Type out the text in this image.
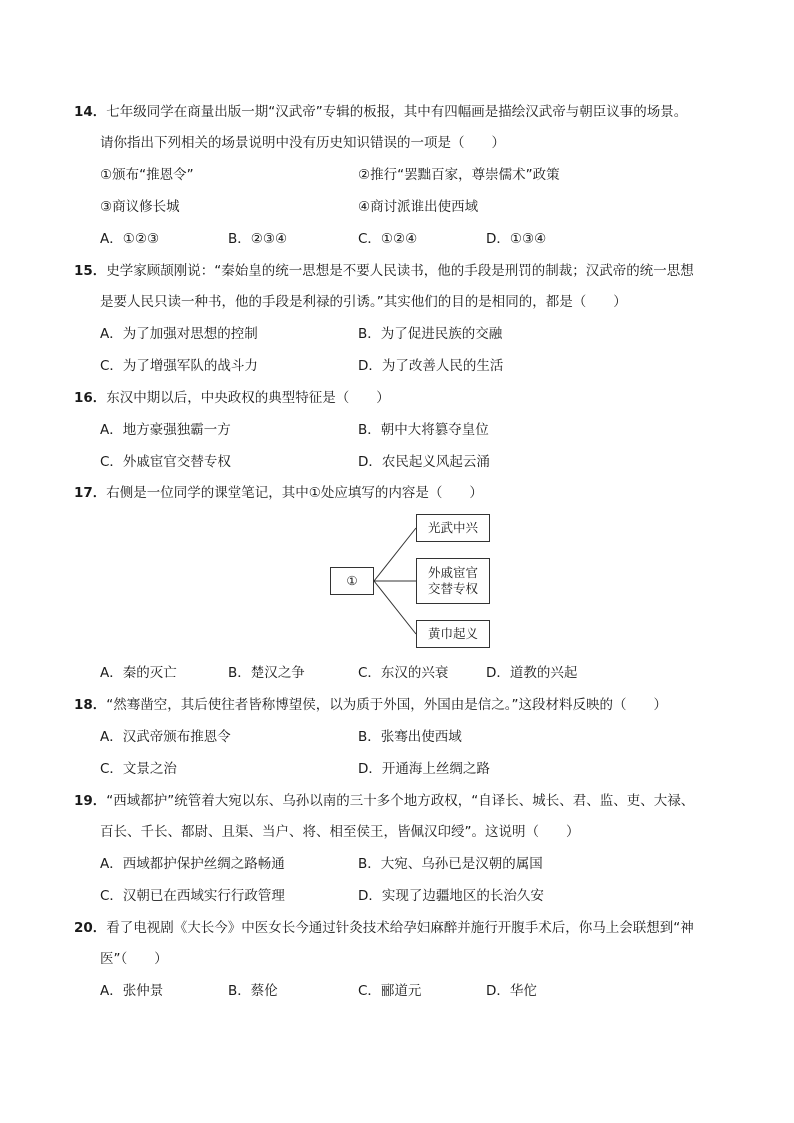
14．七年级同学在商量出版一期“汉武帝”专辑的板报，其中有四幅画是描绘汉武帝与朝臣议事的场景。
请你指出下列相关的场景说明中没有历史知识错误的一项是（　　）
①颁布“推恩令”	②推行“罢黜百家，尊崇儒术”政策
③商议修长城	④商讨派谁出使西域
A．①②③	B．②③④	C．①②④	D．①③④
15．史学家顾颉刚说：“秦始皇的统一思想是不要人民读书，他的手段是刑罚的制裁；汉武帝的统一思想
是要人民只读一种书，他的手段是利禄的引诱。”其实他们的目的是相同的，都是（　　）
A．为了加强对思想的控制	B．为了促进民族的交融
C．为了增强军队的战斗力	D．为了改善人民的生活
16．东汉中期以后，中央政权的典型特征是（　　）
A．地方豪强独霸一方	B．朝中大将篡夺皇位
C．外戚宦官交替专权	D．农民起义风起云涌
17．右侧是一位同学的课堂笔记，其中①处应填写的内容是（　　）
①
光武中兴
外戚宦官
交替专权
黄巾起义
A．秦的灭亡	B．楚汉之争	C．东汉的兴衰	D．道教的兴起
18．“然骞凿空，其后使往者皆称博望侯，以为质于外国，外国由是信之。”这段材料反映的（　　）
A．汉武帝颁布推恩令	B．张骞出使西域
C．文景之治	D．开通海上丝绸之路
19．“西域都护”统管着大宛以东、乌孙以南的三十多个地方政权，“自译长、城长、君、监、吏、大禄、
百长、千长、都尉、且渠、当户、将、相至侯王，皆佩汉印绶”。这说明（　　）
A．西域都护保护丝绸之路畅通	B．大宛、乌孙已是汉朝的属国
C．汉朝已在西域实行行政管理	D．实现了边疆地区的长治久安
20．看了电视剧《大长今》中医女长今通过针灸技术给孕妇麻醉并施行开腹手术后，你马上会联想到“神
医”（　　）
A．张仲景	B．蔡伦	C．郦道元	D．华佗
